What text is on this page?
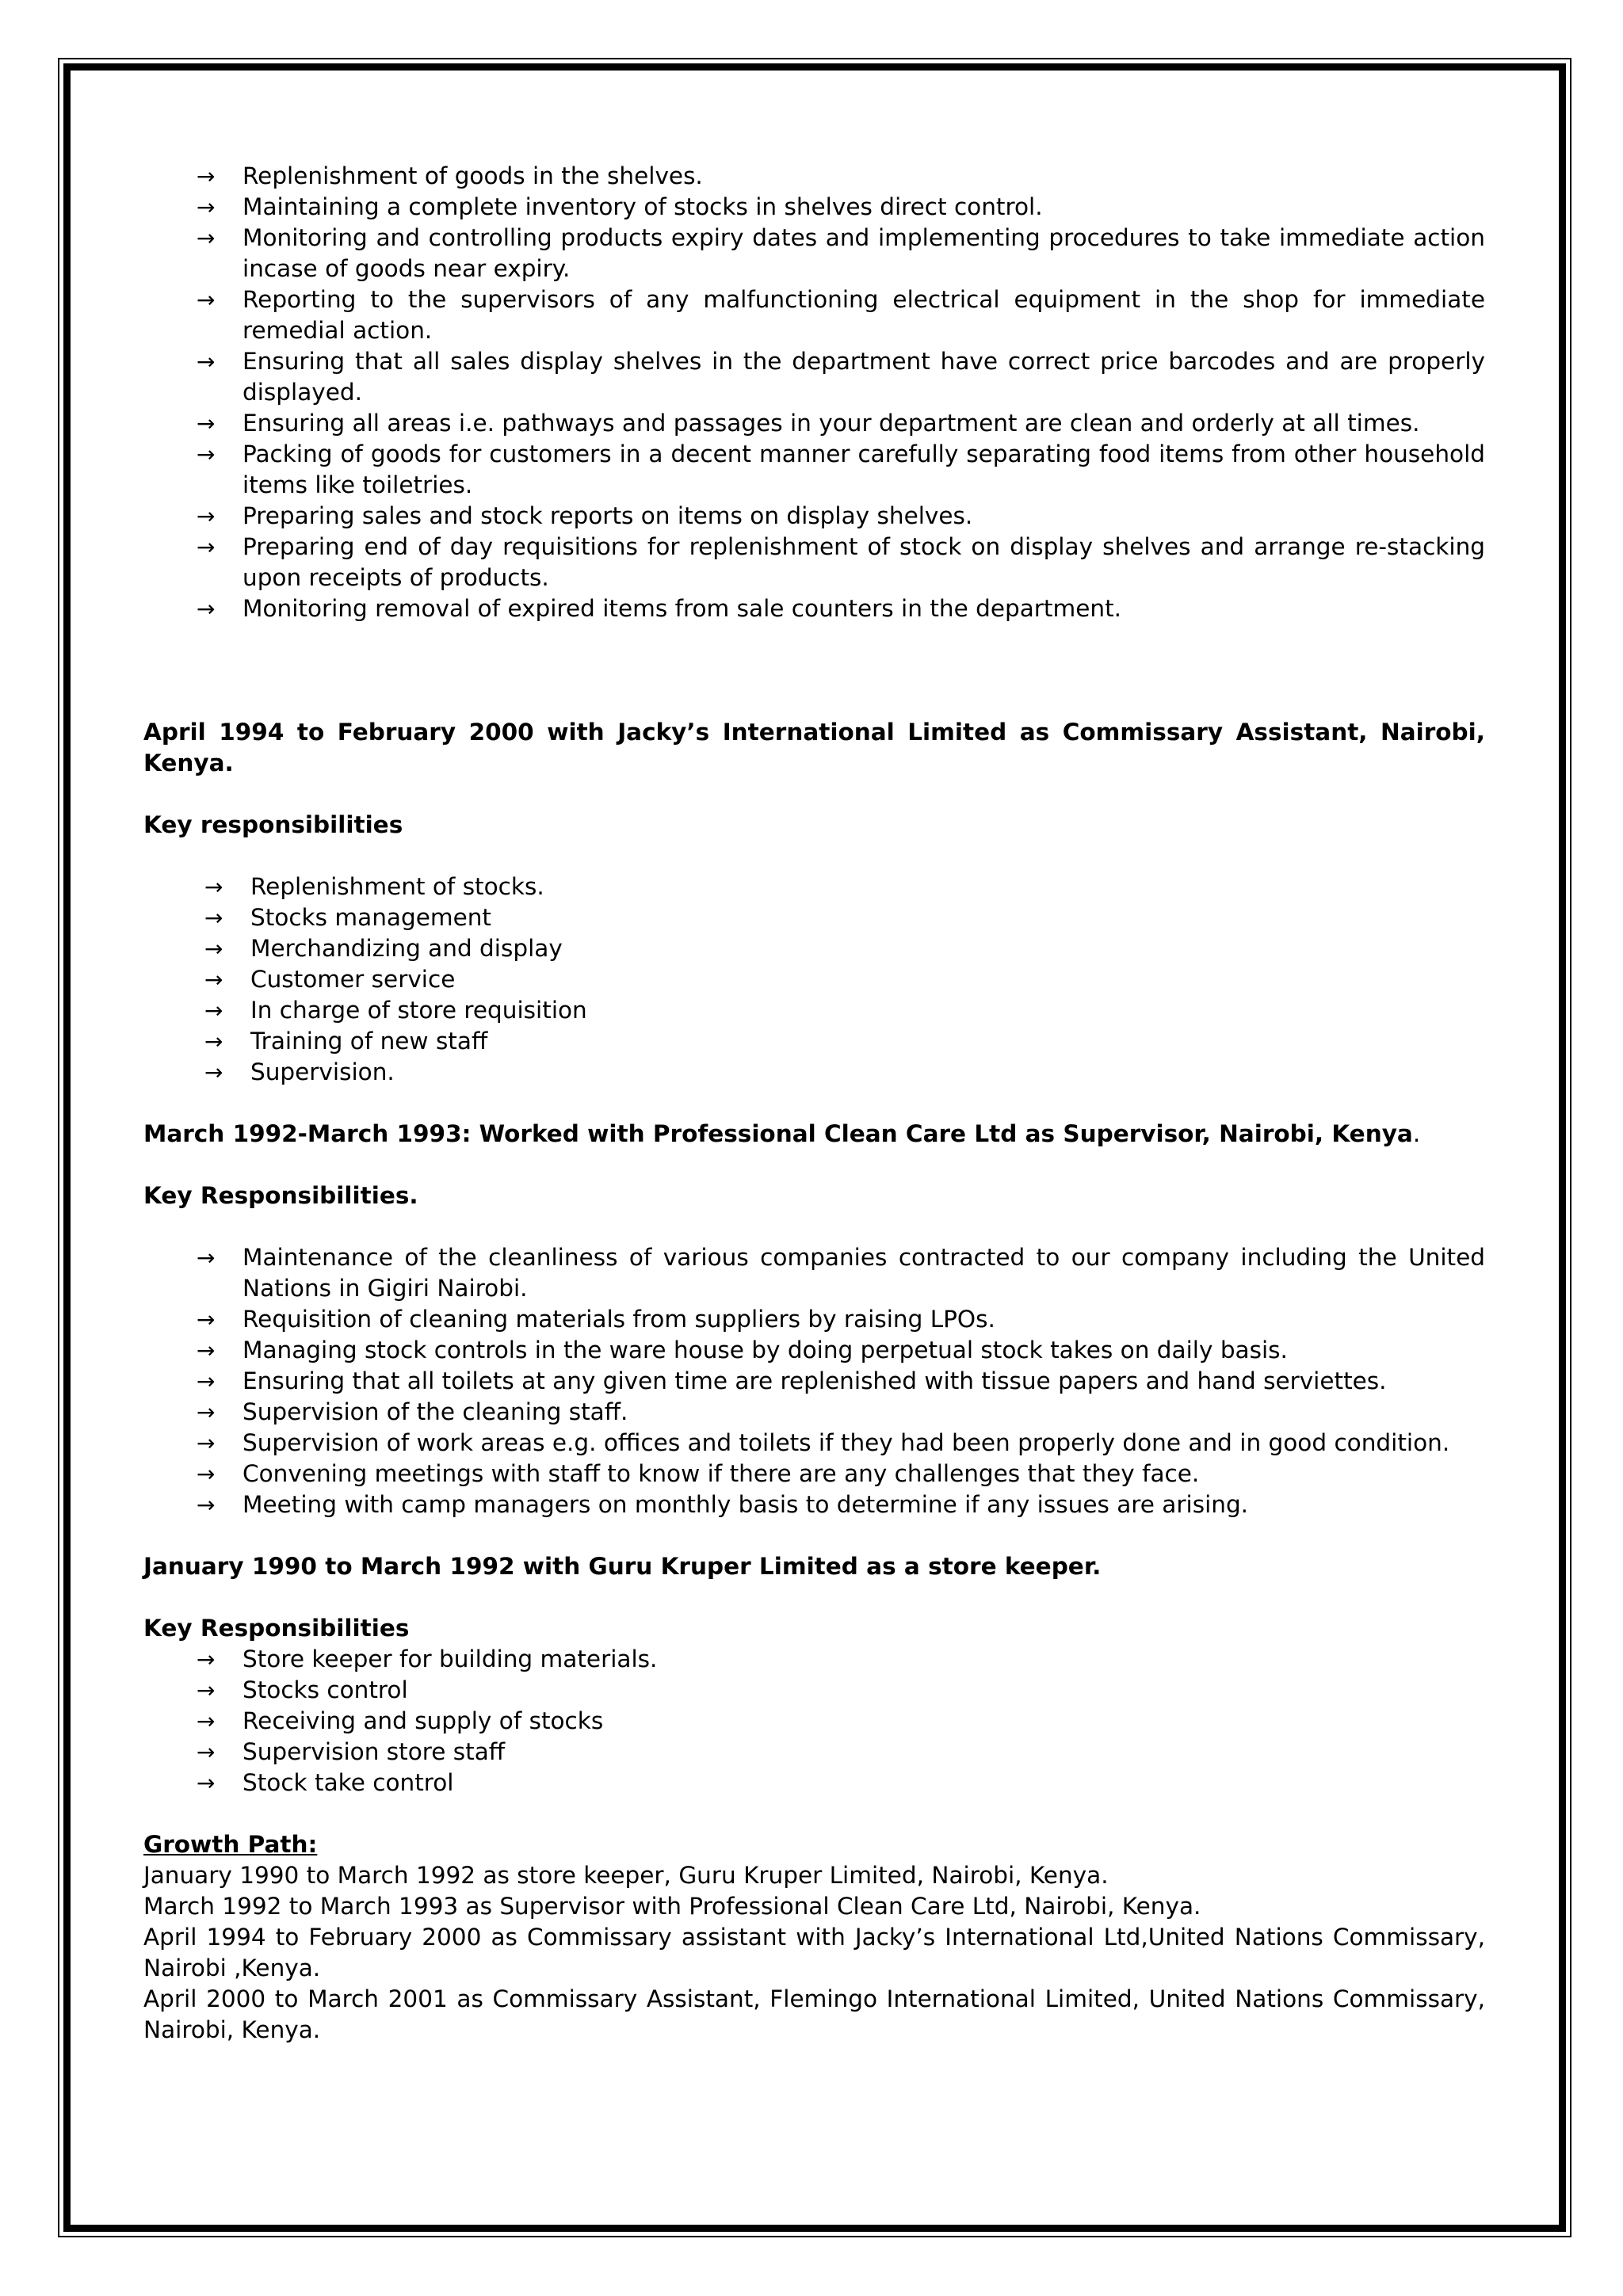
→ Replenishment of goods in the shelves.
→ Maintaining a complete inventory of stocks in shelves direct control.
→ Monitoring and controlling products expiry dates and implementing procedures to take immediate action incase of goods near expiry.
→ Reporting to the supervisors of any malfunctioning electrical equipment in the shop for immediate remedial action.
→ Ensuring that all sales display shelves in the department have correct price barcodes and are properly displayed.
→ Ensuring all areas i.e. pathways and passages in your department are clean and orderly at all times.
→ Packing of goods for customers in a decent manner carefully separating food items from other household items like toiletries.
→ Preparing sales and stock reports on items on display shelves.
→ Preparing end of day requisitions for replenishment of stock on display shelves and arrange re-stacking upon receipts of products.
→ Monitoring removal of expired items from sale counters in the department.

April 1994 to February 2000 with Jacky’s International Limited as Commissary Assistant, Nairobi, Kenya.

Key responsibilities

→ Replenishment of stocks.
→ Stocks management
→ Merchandizing and display
→ Customer service
→ In charge of store requisition
→ Training of new staff
→ Supervision.

March 1992-March 1993: Worked with Professional Clean Care Ltd as Supervisor, Nairobi, Kenya.

Key Responsibilities.

→ Maintenance of the cleanliness of various companies contracted to our company including the United Nations in Gigiri Nairobi.
→ Requisition of cleaning materials from suppliers by raising LPOs.
→ Managing stock controls in the ware house by doing perpetual stock takes on daily basis.
→ Ensuring that all toilets at any given time are replenished with tissue papers and hand serviettes.
→ Supervision of the cleaning staff.
→ Supervision of work areas e.g. offices and toilets if they had been properly done and in good condition.
→ Convening meetings with staff to know if there are any challenges that they face.
→ Meeting with camp managers on monthly basis to determine if any issues are arising.

January 1990 to March 1992 with Guru Kruper Limited as a store keeper.

Key Responsibilities

→ Store keeper for building materials.
→ Stocks control
→ Receiving and supply of stocks
→ Supervision store staff
→ Stock take control

Growth Path:

January 1990 to March 1992 as store keeper, Guru Kruper Limited, Nairobi, Kenya.

March 1992 to March 1993 as Supervisor with Professional Clean Care Ltd, Nairobi, Kenya.

April 1994 to February 2000 as Commissary assistant with Jacky’s International Ltd,United Nations Commissary, Nairobi ,Kenya.

April 2000 to March 2001 as Commissary Assistant, Flemingo International Limited, United Nations Commissary, Nairobi, Kenya.
